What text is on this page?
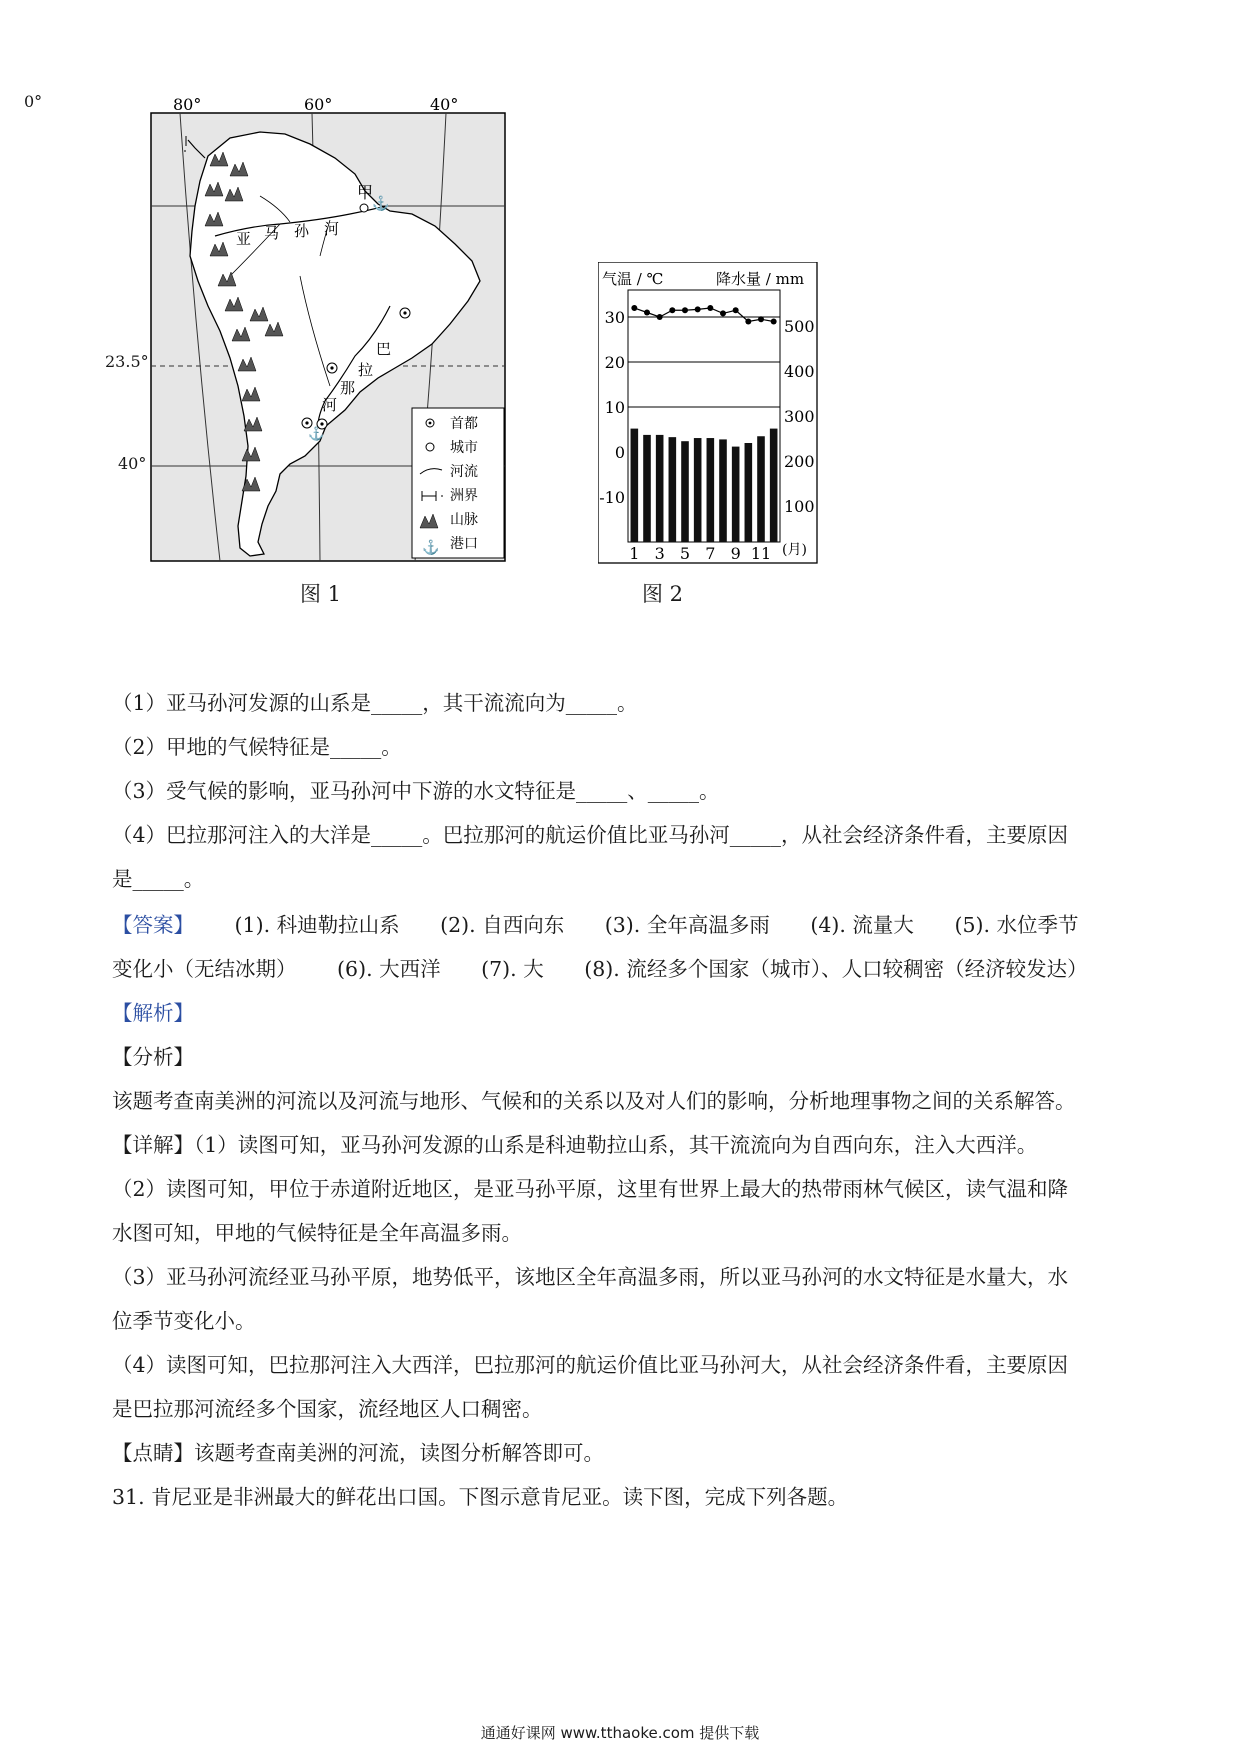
甲
⚓
⚓
亚 马 孙 河
巴
拉
那
河
80°	60°	40°
首都
城市
河流
洲界
山脉
⚓ 港口
图 1
0°
23.5°
40°
气温 / ℃	降水量 / mm
30
20
10
0
-10
500
400
300
200
100
1 3 5 7 9 11 (月)
图 2
（1）亚马孙河发源的山系是_____，其干流流向为_____。
（2）甲地的气候特征是_____。
（3）受气候的影响，亚马孙河中下游的水文特征是_____、_____。
（4）巴拉那河注入的大洋是_____。巴拉那河的航运价值比亚马孙河_____，从社会经济条件看，主要原因
是_____。
【答案】 (1). 科迪勒拉山系 (2). 自西向东 (3). 全年高温多雨 (4). 流量大 (5). 水位季节
变化小（无结冰期） (6). 大西洋 (7). 大 (8). 流经多个国家（城市）、人口较稠密（经济较发达）
【解析】
【分析】
该题考查南美洲的河流以及河流与地形、气候和的关系以及对人们的影响，分析地理事物之间的关系解答。
【详解】（1）读图可知，亚马孙河发源的山系是科迪勒拉山系，其干流流向为自西向东，注入大西洋。
（2）读图可知，甲位于赤道附近地区，是亚马孙平原，这里有世界上最大的热带雨林气候区，读气温和降
水图可知，甲地的气候特征是全年高温多雨。
（3）亚马孙河流经亚马孙平原，地势低平，该地区全年高温多雨，所以亚马孙河的水文特征是水量大，水
位季节变化小。
（4）读图可知，巴拉那河注入大西洋，巴拉那河的航运价值比亚马孙河大，从社会经济条件看，主要原因
是巴拉那河流经多个国家，流经地区人口稠密。
【点睛】该题考查南美洲的河流，读图分析解答即可。
31. 肯尼亚是非洲最大的鲜花出口国。下图示意肯尼亚。读下图，完成下列各题。
通通好课网 www.tthaoke.com 提供下载
